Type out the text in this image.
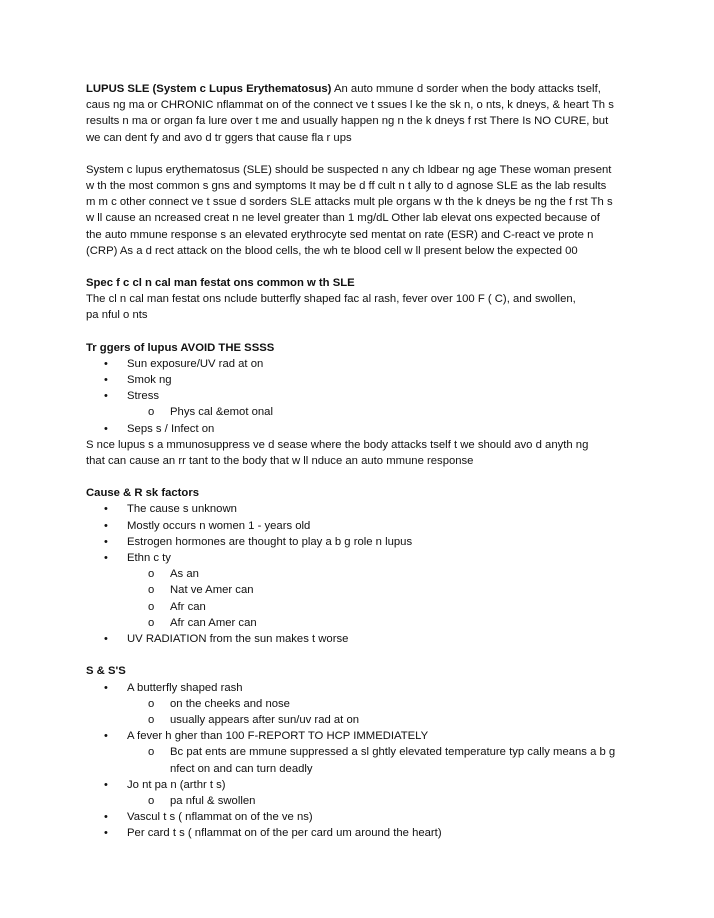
LUPUS SLE (System c Lupus Erythematosus) An auto mmune d sorder when the body attacks tself,

caus ng ma or CHRONIC nflammat on of the connect ve t ssues l ke the sk n, o nts, k dneys, & heart Th s

results n ma or organ fa lure over t me and usually happen ng n the k dneys f rst There Is NO CURE, but

we can dent fy and avo d tr ggers that cause fla r ups

System c lupus erythematosus (SLE) should be suspected n any ch ldbear ng age These woman present

w th the most common s gns and symptoms It may be d ff cult n t ally to d agnose SLE as the lab results

m m c other connect ve t ssue d sorders SLE attacks mult ple organs w th the k dneys be ng the f rst Th s

w ll cause an ncreased creat n ne level greater than 1 mg/dL Other lab elevat ons expected because of

the auto mmune response s an elevated erythrocyte sed mentat on rate (ESR) and C-react ve prote n

(CRP) As a d rect attack on the blood cells, the wh te blood cell w ll present below the expected 00

Spec f c cl n cal man festat ons common w th SLE

The cl n cal man festat ons nclude butterfly shaped fac al rash, fever over 100 F ( C), and swollen,

pa nful o nts

Tr ggers of lupus AVOID THE SSSS

• Sun exposure/UV rad at on
• Smok ng
• Stress
o Phys cal &emot onal
• Seps s / Infect on

S nce lupus s a mmunosuppress ve d sease where the body attacks tself t we should avo d anyth ng

that can cause an rr tant to the body that w ll nduce an auto mmune response

Cause & R sk factors

• The cause s unknown
• Mostly occurs n women 1 - years old
• Estrogen hormones are thought to play a b g role n lupus
• Ethn c ty
o As an
o Nat ve Amer can
o Afr can
o Afr can Amer can
• UV RADIATION from the sun makes t worse

S & S'S

• A butterfly shaped rash
o on the cheeks and nose
o usually appears after sun/uv rad at on
• A fever h gher than 100 F-REPORT TO HCP IMMEDIATELY
o Bc pat ents are mmune suppressed a sl ghtly elevated temperature typ cally means a b g
nfect on and can turn deadly
• Jo nt pa n (arthr t s)
o pa nful & swollen
• Vascul t s ( nflammat on of the ve ns)
• Per card t s ( nflammat on of the per card um around the heart)
